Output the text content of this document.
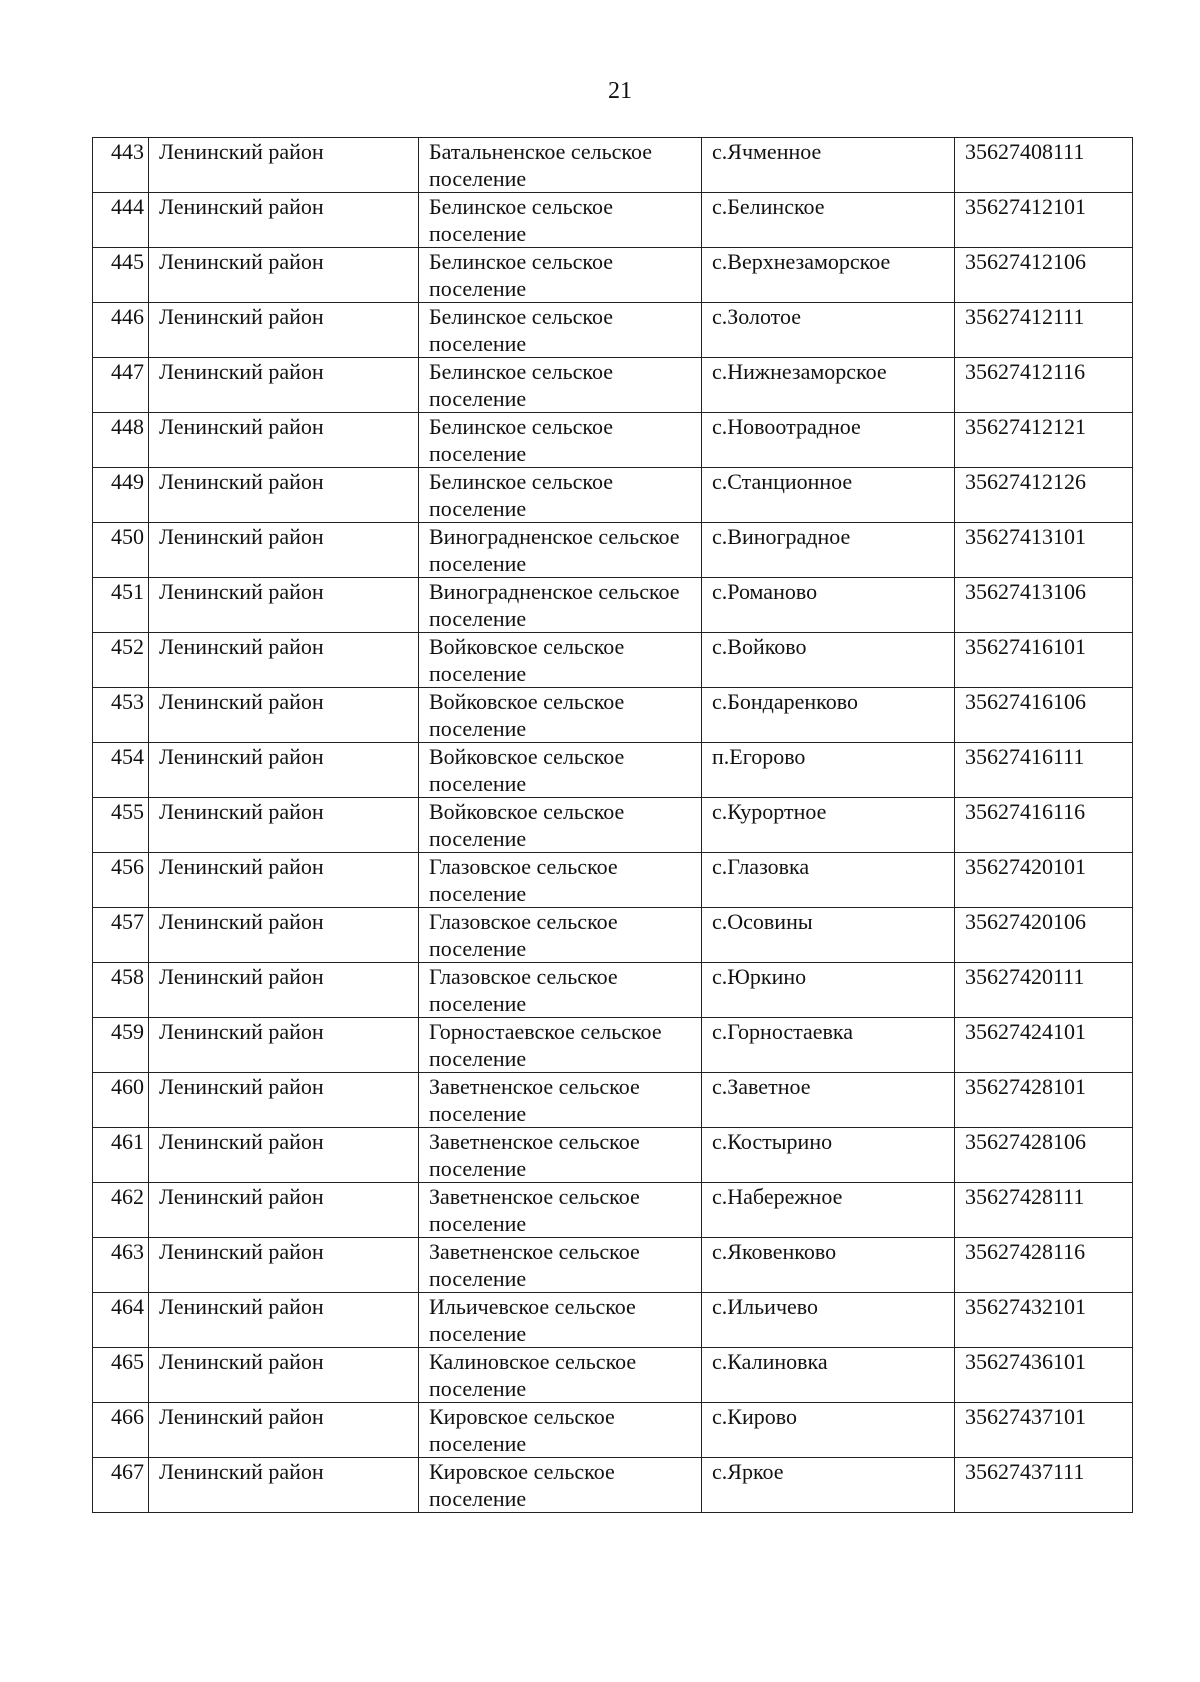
21
443	Ленинский район	Батальненское сельское поселение	с.Ячменное	35627408111
444	Ленинский район	Белинское сельское поселение	с.Белинское	35627412101
445	Ленинский район	Белинское сельское поселение	с.Верхнезаморское	35627412106
446	Ленинский район	Белинское сельское поселение	с.Золотое	35627412111
447	Ленинский район	Белинское сельское поселение	с.Нижнезаморское	35627412116
448	Ленинский район	Белинское сельское поселение	с.Новоотрадное	35627412121
449	Ленинский район	Белинское сельское поселение	с.Станционное	35627412126
450	Ленинский район	Виноградненское сельское поселение	с.Виноградное	35627413101
451	Ленинский район	Виноградненское сельское поселение	с.Романово	35627413106
452	Ленинский район	Войковское сельское поселение	с.Войково	35627416101
453	Ленинский район	Войковское сельское поселение	с.Бондаренково	35627416106
454	Ленинский район	Войковское сельское поселение	п.Егорово	35627416111
455	Ленинский район	Войковское сельское поселение	с.Курортное	35627416116
456	Ленинский район	Глазовское сельское поселение	с.Глазовка	35627420101
457	Ленинский район	Глазовское сельское поселение	с.Осовины	35627420106
458	Ленинский район	Глазовское сельское поселение	с.Юркино	35627420111
459	Ленинский район	Горностаевское сельское поселение	с.Горностаевка	35627424101
460	Ленинский район	Заветненское сельское поселение	с.Заветное	35627428101
461	Ленинский район	Заветненское сельское поселение	с.Костырино	35627428106
462	Ленинский район	Заветненское сельское поселение	с.Набережное	35627428111
463	Ленинский район	Заветненское сельское поселение	с.Яковенково	35627428116
464	Ленинский район	Ильичевское сельское поселение	с.Ильичево	35627432101
465	Ленинский район	Калиновское сельское поселение	с.Калиновка	35627436101
466	Ленинский район	Кировское сельское поселение	с.Кирово	35627437101
467	Ленинский район	Кировское сельское поселение	с.Яркое	35627437111
